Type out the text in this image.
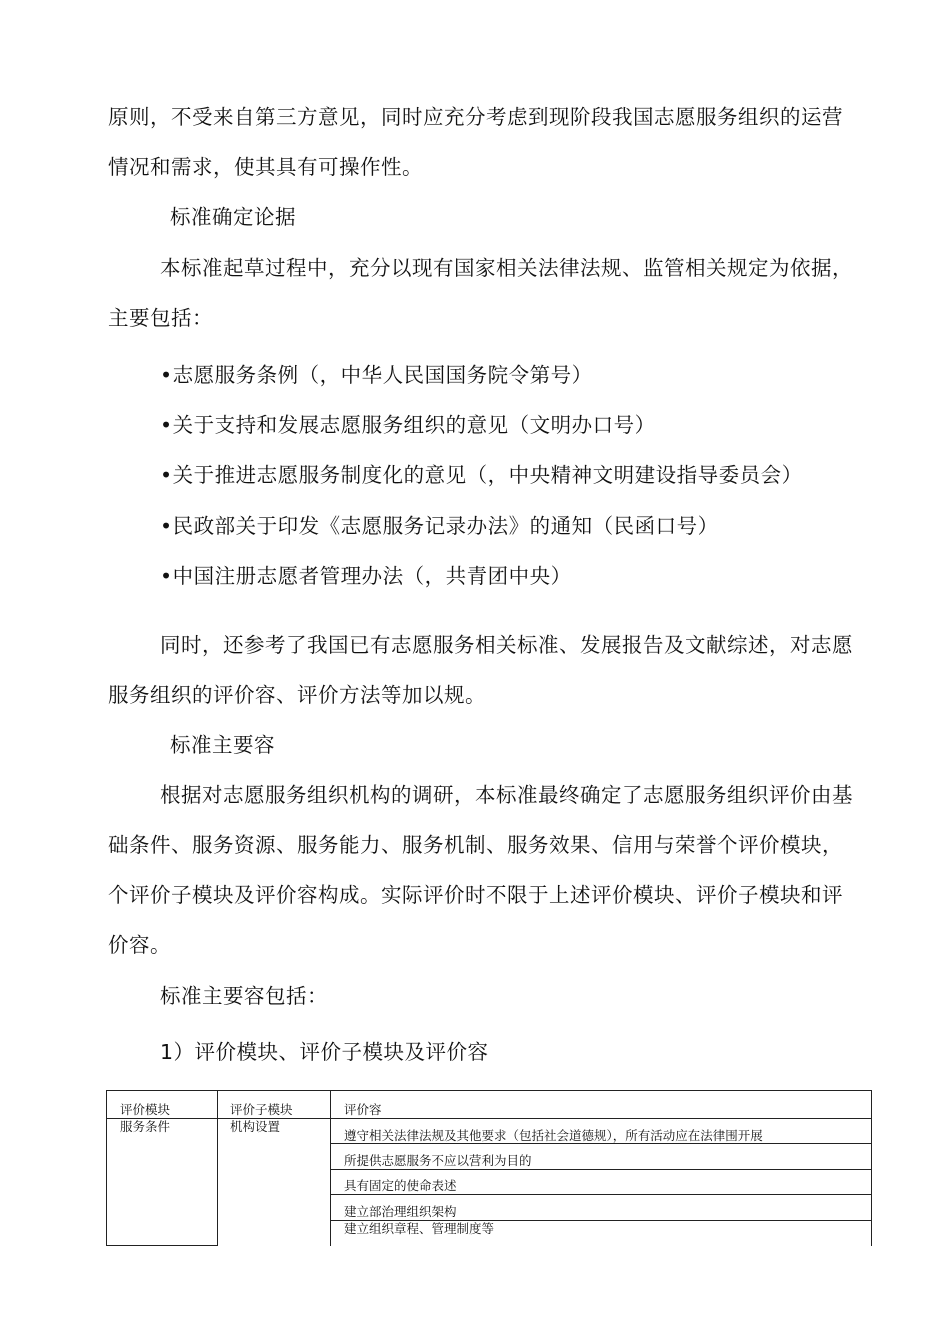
原则，不受来自第三方意见，同时应充分考虑到现阶段我国志愿服务组织的运营
情况和需求，使其具有可操作性。
标准确定论据
本标准起草过程中，充分以现有国家相关法律法规、监管相关规定为依据，
主要包括：
•志愿服务条例（，中华人民国国务院令第号）
•关于支持和发展志愿服务组织的意见（文明办口号）
•关于推进志愿服务制度化的意见（，中央精神文明建设指导委员会）
•民政部关于印发《志愿服务记录办法》的通知（民函口号）
•中国注册志愿者管理办法（，共青团中央）
同时，还参考了我国已有志愿服务相关标准、发展报告及文献综述，对志愿
服务组织的评价容、评价方法等加以规。
标准主要容
根据对志愿服务组织机构的调研，本标准最终确定了志愿服务组织评价由基
础条件、服务资源、服务能力、服务机制、服务效果、信用与荣誉个评价模块，
个评价子模块及评价容构成。实际评价时不限于上述评价模块、评价子模块和评
价容。
标准主要容包括：
1）评价模块、评价子模块及评价容
评价模块	评价子模块	评价容
服务条件	机构设置
遵守相关法律法规及其他要求（包括社会道德规），所有活动应在法律围开展
所提供志愿服务不应以营利为目的
具有固定的使命表述
建立部治理组织架构
建立组织章程、管理制度等
